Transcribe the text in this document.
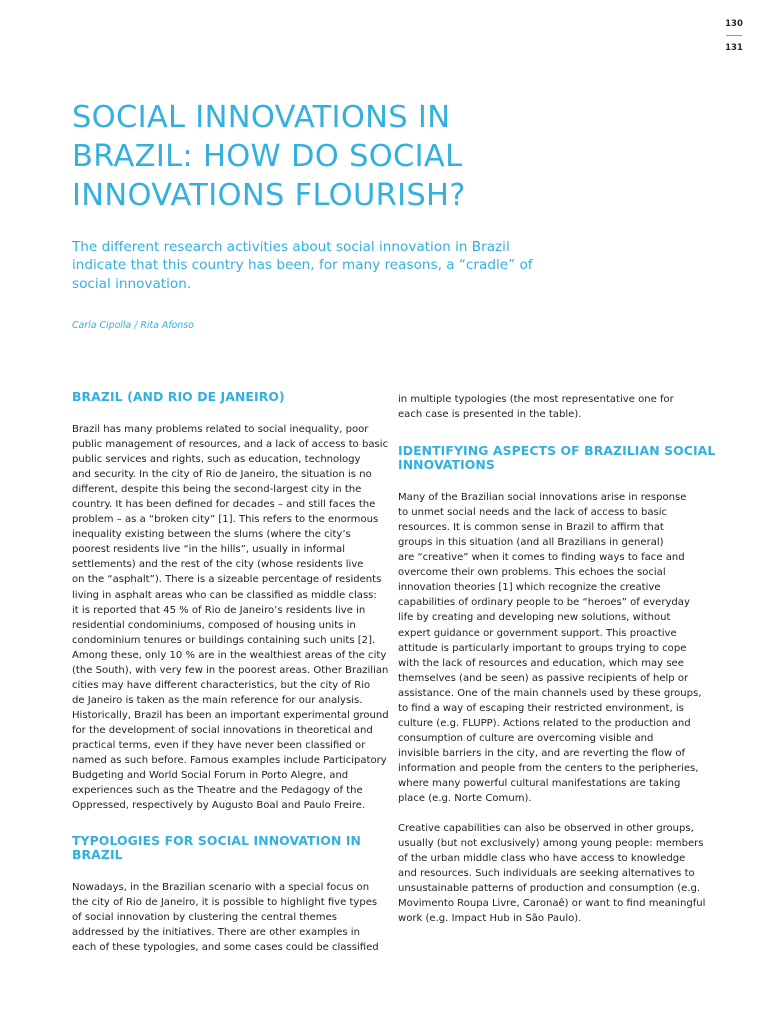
130
131
SOCIAL INNOVATIONS IN
BRAZIL: HOW DO SOCIAL
INNOVATIONS FLOURISH?

The different research activities about social innovation in Brazil
indicate that this country has been, for many reasons, a “cradle” of
social innovation.

Carla Cipolla / Rita Afonso

BRAZIL (AND RIO DE JANEIRO)

Brazil has many problems related to social inequality, poor
public management of resources, and a lack of access to basic
public services and rights, such as education, technology
and security. In the city of Rio de Janeiro, the situation is no
different, despite this being the second-largest city in the
country. It has been defined for decades – and still faces the
problem – as a “broken city” [1]. This refers to the enormous
inequality existing between the slums (where the city’s
poorest residents live “in the hills”, usually in informal
settlements) and the rest of the city (whose residents live
on the “asphalt”). There is a sizeable percentage of residents
living in asphalt areas who can be classified as middle class:
it is reported that 45 % of Rio de Janeiro’s residents live in
residential condominiums, composed of housing units in
condominium tenures or buildings containing such units [2].
Among these, only 10 % are in the wealthiest areas of the city
(the South), with very few in the poorest areas. Other Brazilian
cities may have different characteristics, but the city of Rio
de Janeiro is taken as the main reference for our analysis.
Historically, Brazil has been an important experimental ground
for the development of social innovations in theoretical and
practical terms, even if they have never been classified or
named as such before. Famous examples include Participatory
Budgeting and World Social Forum in Porto Alegre, and
experiences such as the Theatre and the Pedagogy of the
Oppressed, respectively by Augusto Boal and Paulo Freire.

TYPOLOGIES FOR SOCIAL INNOVATION IN
BRAZIL

Nowadays, in the Brazilian scenario with a special focus on
the city of Rio de Janeiro, it is possible to highlight five types
of social innovation by clustering the central themes
addressed by the initiatives. There are other examples in
each of these typologies, and some cases could be classified

in multiple typologies (the most representative one for
each case is presented in the table).

IDENTIFYING ASPECTS OF BRAZILIAN SOCIAL
INNOVATIONS

Many of the Brazilian social innovations arise in response
to unmet social needs and the lack of access to basic
resources. It is common sense in Brazil to affirm that
groups in this situation (and all Brazilians in general)
are “creative” when it comes to finding ways to face and
overcome their own problems. This echoes the social
innovation theories [1] which recognize the creative
capabilities of ordinary people to be “heroes” of everyday
life by creating and developing new solutions, without
expert guidance or government support. This proactive
attitude is particularly important to groups trying to cope
with the lack of resources and education, which may see
themselves (and be seen) as passive recipients of help or
assistance. One of the main channels used by these groups,
to find a way of escaping their restricted environment, is
culture (e.g. FLUPP). Actions related to the production and
consumption of culture are overcoming visible and
invisible barriers in the city, and are reverting the flow of
information and people from the centers to the peripheries,
where many powerful cultural manifestations are taking
place (e.g. Norte Comum).

Creative capabilities can also be observed in other groups,
usually (but not exclusively) among young people: members
of the urban middle class who have access to knowledge
and resources. Such individuals are seeking alternatives to
unsustainable patterns of production and consumption (e.g.
Movimento Roupa Livre, Caronaê) or want to find meaningful
work (e.g. Impact Hub in São Paulo).
